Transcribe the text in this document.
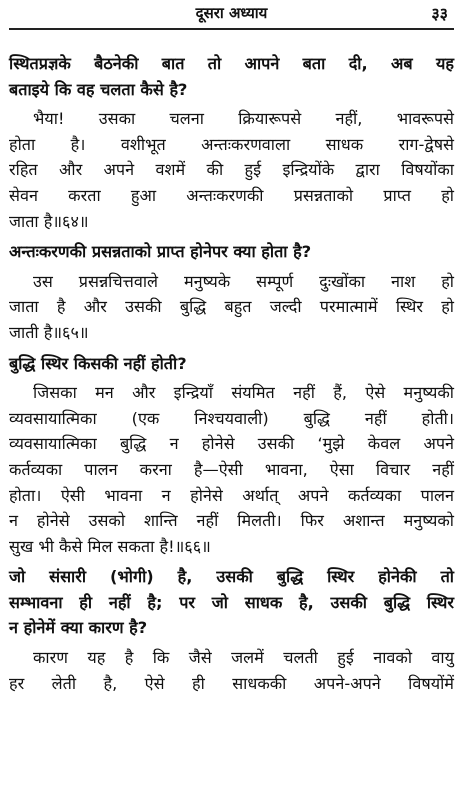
दूसरा अध्याय	३३
स्थितप्रज्ञके बैठनेकी बात तो आपने बता दी, अब यह
बताइये कि वह चलता कैसे है?
भैया! उसका चलना क्रियारूपसे नहीं, भावरूपसे
होता है। वशीभूत अन्तःकरणवाला साधक राग-द्वेषसे
रहित और अपने वशमें की हुई इन्द्रियोंके द्वारा विषयोंका
सेवन करता हुआ अन्तःकरणकी प्रसन्नताको प्राप्त हो
जाता है॥६४॥
अन्तःकरणकी प्रसन्नताको प्राप्त होनेपर क्या होता है?
उस प्रसन्नचित्तवाले मनुष्यके सम्पूर्ण दुःखोंका नाश हो
जाता है और उसकी बुद्धि बहुत जल्दी परमात्मामें स्थिर हो
जाती है॥६५॥
बुद्धि स्थिर किसकी नहीं होती?
जिसका मन और इन्द्रियाँ संयमित नहीं हैं, ऐसे मनुष्यकी
व्यवसायात्मिका (एक निश्चयवाली) बुद्धि नहीं होती।
व्यवसायात्मिका बुद्धि न होनेसे उसकी ‘मुझे केवल अपने
कर्तव्यका पालन करना है—ऐसी भावना, ऐसा विचार नहीं
होता। ऐसी भावना न होनेसे अर्थात् अपने कर्तव्यका पालन
न होनेसे उसको शान्ति नहीं मिलती। फिर अशान्त मनुष्यको
सुख भी कैसे मिल सकता है!॥६६॥
जो संसारी (भोगी) है, उसकी बुद्धि स्थिर होनेकी तो
सम्भावना ही नहीं है; पर जो साधक है, उसकी बुद्धि स्थिर
न होनेमें क्या कारण है?
कारण यह है कि जैसे जलमें चलती हुई नावको वायु
हर लेती है, ऐसे ही साधककी अपने-अपने विषयोंमें
